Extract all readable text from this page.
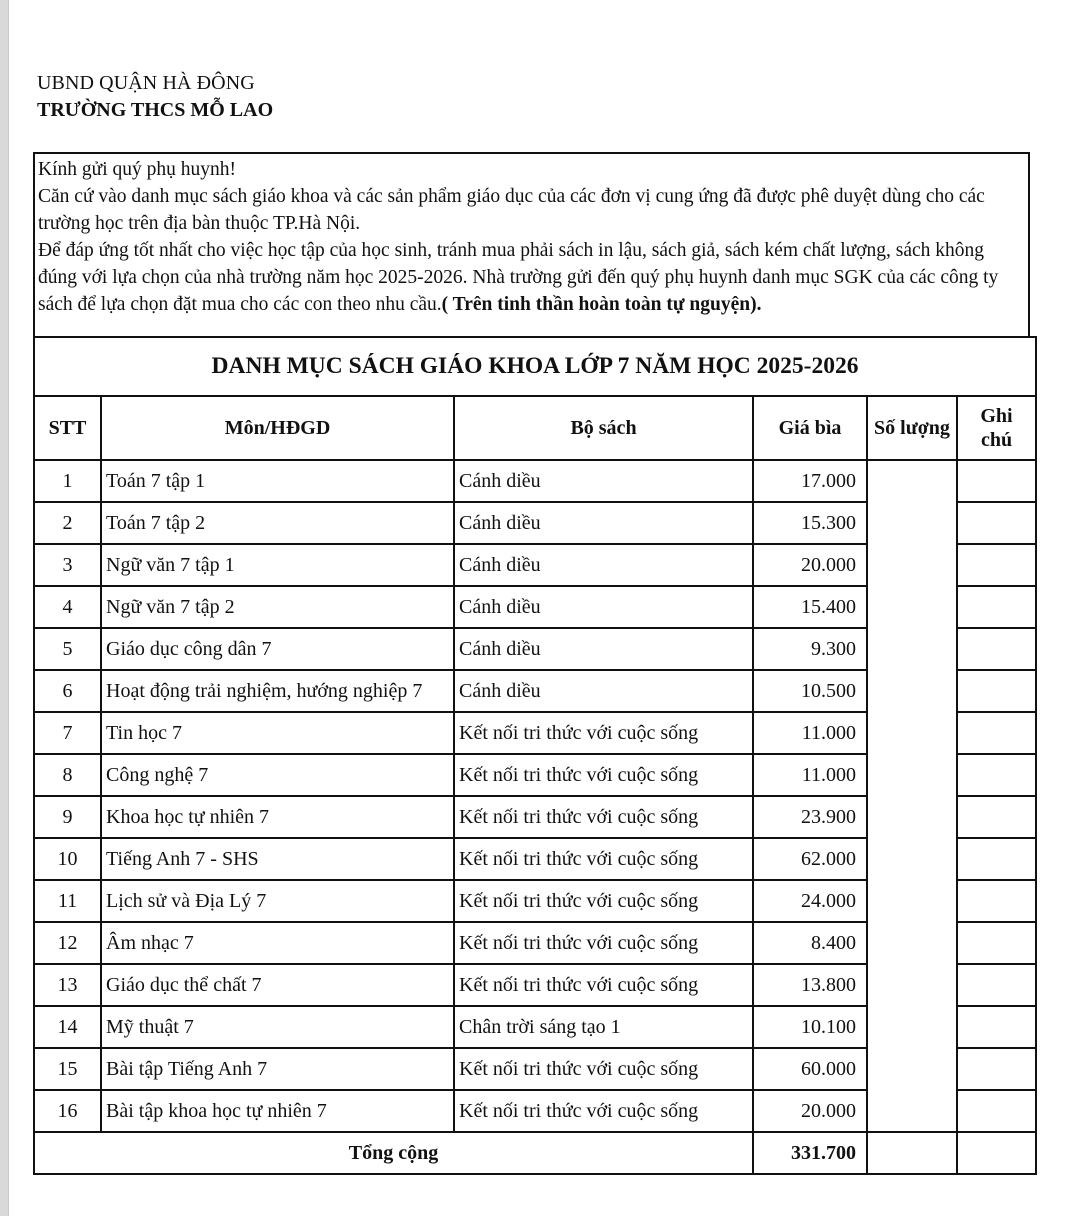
UBND QUẬN HÀ ĐÔNG
TRƯỜNG THCS MỖ LAO

Kính gửi quý phụ huynh!

Căn cứ vào danh mục sách giáo khoa và các sản phẩm giáo dục của các đơn vị cung ứng đã được phê duyệt dùng cho các trường học trên địa bàn thuộc TP.Hà Nội.

Để đáp ứng tốt nhất cho việc học tập của học sinh, tránh mua phải sách in lậu, sách giả, sách kém chất lượng, sách không đúng với lựa chọn của nhà trường năm học 2025-2026. Nhà trường gửi đến quý phụ huynh danh mục SGK của các công ty sách để lựa chọn đặt mua cho các con theo nhu cầu.( Trên tinh thần hoàn toàn tự nguyện).

DANH MỤC SÁCH GIÁO KHOA LỚP 7 NĂM HỌC 2025-2026					
STT	Môn/HĐGD	Bộ sách	Giá bìa	Số lượng	Ghi chú
1	Toán 7 tập 1	Cánh diều	17.000		
2	Toán 7 tập 2	Cánh diều	15.300		
3	Ngữ văn 7 tập 1	Cánh diều	20.000		
4	Ngữ văn 7 tập 2	Cánh diều	15.400		
5	Giáo dục công dân 7	Cánh diều	9.300		
6	Hoạt động trải nghiệm, hướng nghiệp 7	Cánh diều	10.500		
7	Tin học 7	Kết nối tri thức với cuộc sống	11.000		
8	Công nghệ 7	Kết nối tri thức với cuộc sống	11.000		
9	Khoa học tự nhiên 7	Kết nối tri thức với cuộc sống	23.900		
10	Tiếng Anh 7 - SHS	Kết nối tri thức với cuộc sống	62.000		
11	Lịch sử và Địa Lý 7	Kết nối tri thức với cuộc sống	24.000		
12	Âm nhạc 7	Kết nối tri thức với cuộc sống	8.400		
13	Giáo dục thể chất 7	Kết nối tri thức với cuộc sống	13.800		
14	Mỹ thuật 7	Chân trời sáng tạo 1	10.100		
15	Bài tập Tiếng Anh 7	Kết nối tri thức với cuộc sống	60.000		
16	Bài tập khoa học tự nhiên 7	Kết nối tri thức với cuộc sống	20.000		
Tổng cộng			331.700		
